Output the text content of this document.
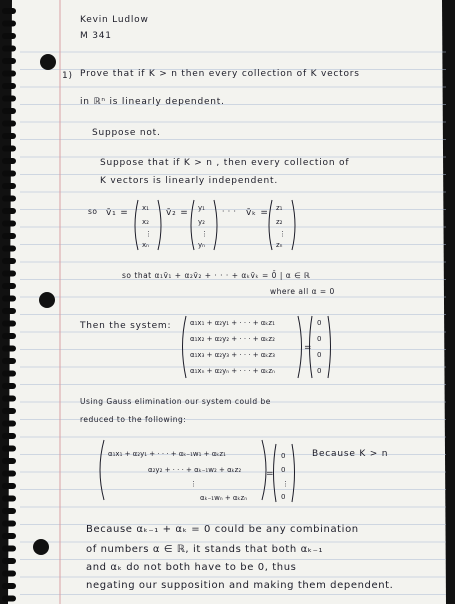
Kevin Ludlow
M 341
1) Prove that if K > n then every collection of K vectors
in ℝⁿ is linearly dependent.
Suppose not.
Suppose that if K > n , then every collection of
K vectors is linearly independent.
so v̄₁ = x₁
x₂
⋮
xₙ
v̄₂ = y₁
y₂
⋮
yₙ
· · · v̄ₖ = z₁
z₂
⋮
zₙ
so that α₁v̄₁ + α₂v̄₂ + · · · + αₖv̄ₖ = 0̄ | α ∈ ℝ
where all α = 0
Then the system:	α₁x₁ + α₂y₁ + · · · + αₖz₁
α₁x₂ + α₂y₂ + · · · + αₖz₂
α₁x₃ + α₂y₃ + · · · + αₖz₃
α₁xₙ + α₂yₙ + · · · + αₖzₙ
=
0
0
0
0
Using Gauss elimination our system could be
reduced to the following:
α₁x₁ + α₂y₁ + · · · + αₖ₋₁w₁ + αₖz₁
α₂y₂ + · · · + αₖ₋₁w₂ + αₖz₂
⋮
αₖ₋₁wₙ + αₖzₙ
=
0
0
⋮
0
Because K > n
Because αₖ₋₁ + αₖ = 0 could be any combination
of numbers α ∈ ℝ, it stands that both αₖ₋₁
and αₖ do not both have to be 0, thus
negating our supposition and making them dependent.
